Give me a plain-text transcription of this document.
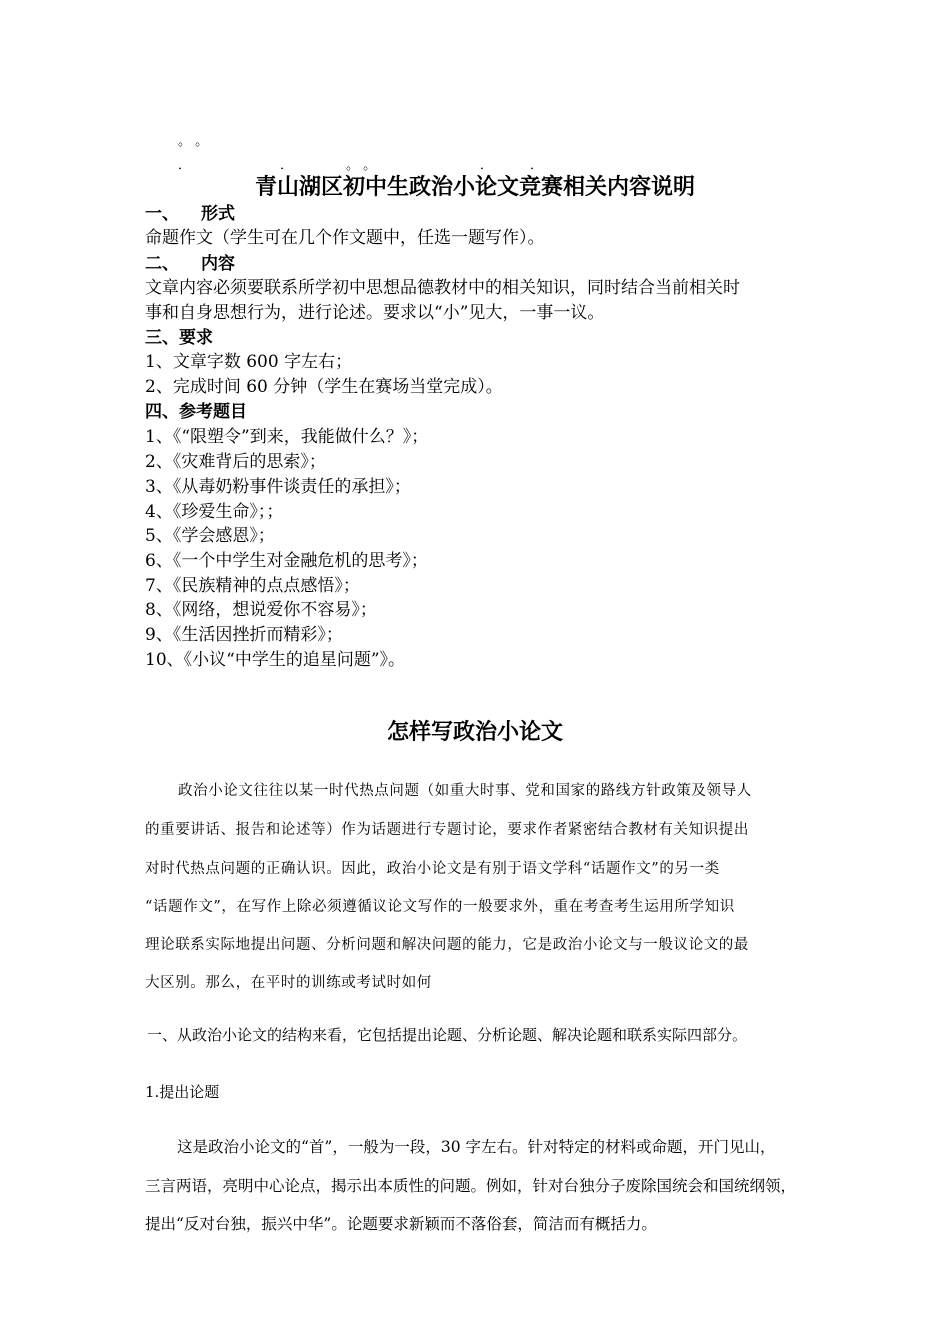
。 。
．	．	。 。	．	．
青山湖区初中生政治小论文竞赛相关内容说明
一、 形式
命题作文（学生可在几个作文题中，任选一题写作）。
二、 内容
文章内容必须要联系所学初中思想品德教材中的相关知识，同时结合当前相关时
事和自身思想行为，进行论述。要求以“小”见大，一事一议。
三、要求
1、文章字数 600 字左右；
2、完成时间 60 分钟（学生在赛场当堂完成）。
四、参考题目
1、《“限塑令”到来，我能做什么？》；
2、《灾难背后的思索》；
3、《从毒奶粉事件谈责任的承担》；
4、《珍爱生命》；；
5、《学会感恩》；
6、《一个中学生对金融危机的思考》；
7、《民族精神的点点感悟》；
8、《网络，想说爱你不容易》；
9、《生活因挫折而精彩》；
10、《小议“中学生的追星问题”》。
怎样写政治小论文
政治小论文往往以某一时代热点问题（如重大时事、党和国家的路线方针政策及领导人
的重要讲话、报告和论述等）作为话题进行专题讨论，要求作者紧密结合教材有关知识提出
对时代热点问题的正确认识。因此，政治小论文是有别于语文学科“话题作文”的另一类
“话题作文”，在写作上除必须遵循议论文写作的一般要求外，重在考查考生运用所学知识
理论联系实际地提出问题、分析问题和解决问题的能力，它是政治小论文与一般议论文的最
大区别。那么，在平时的训练或考试时如何
一、从政治小论文的结构来看，它包括提出论题、分析论题、解决论题和联系实际四部分。
1.提出论题
这是政治小论文的“首”，一般为一段，30 字左右。针对特定的材料或命题，开门见山，
三言两语，亮明中心论点，揭示出本质性的问题。例如，针对台独分子废除国统会和国统纲领，
提出“反对台独，振兴中华”。论题要求新颖而不落俗套，简洁而有概括力。
